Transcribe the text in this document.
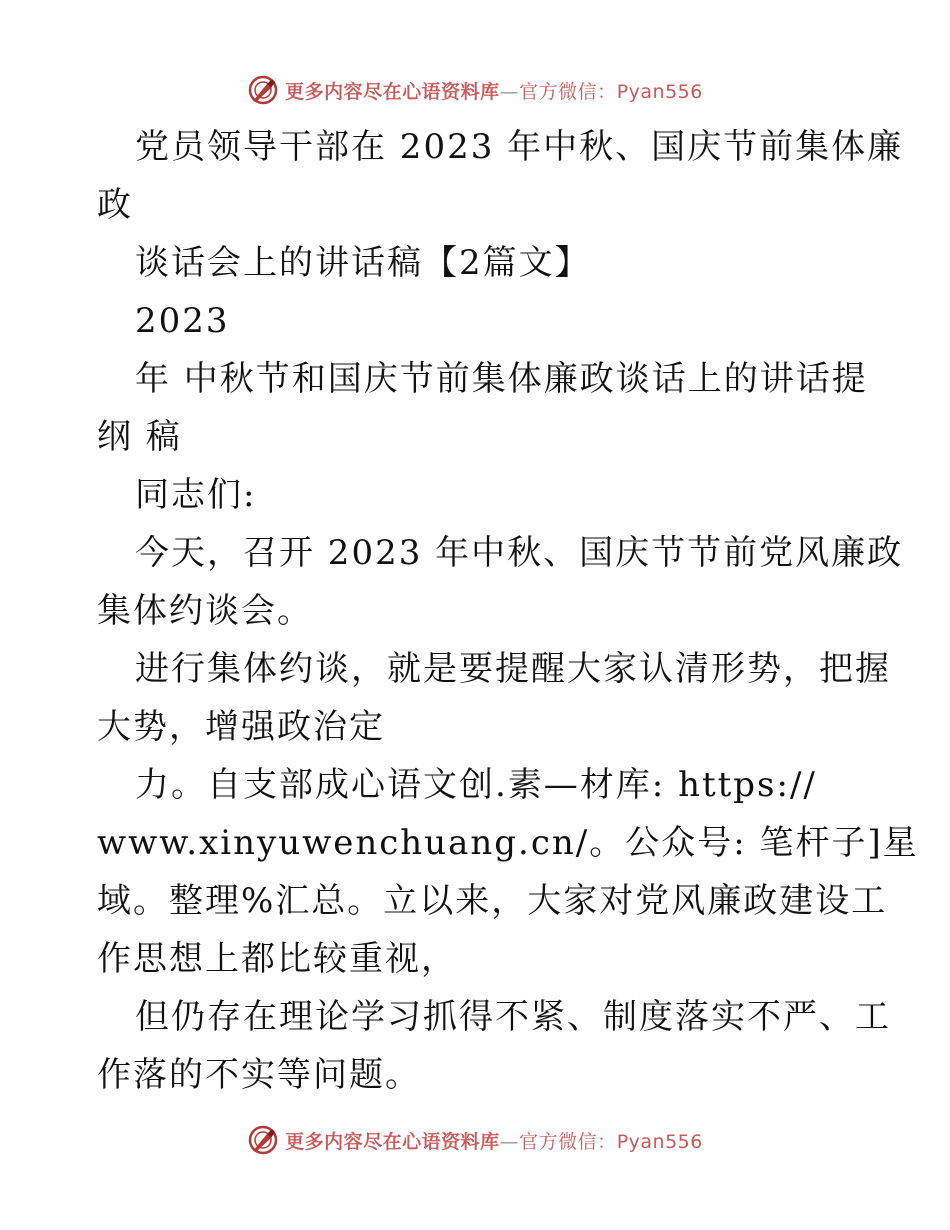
更多内容尽在心语资料库—官方微信：Pyan556
党员领导干部在 2023 年中秋、国庆节前集体廉
政
谈话会上的讲话稿【2篇文】
2023
年 中秋节和国庆节前集体廉政谈话上的讲话提
纲 稿
同志们:
今天，召开 2023 年中秋、国庆节节前党风廉政
集体约谈会。
进行集体约谈，就是要提醒大家认清形势，把握
大势，增强政治定
力。自支部成心语文创.素—材库: https://
www.xinyuwenchuang.cn/。公众号: 笔杆子]星
域。整理%汇总。立以来，大家对党风廉政建设工
作思想上都比较重视，
但仍存在理论学习抓得不紧、制度落实不严、工
作落的不实等问题。
更多内容尽在心语资料库—官方微信：Pyan556
